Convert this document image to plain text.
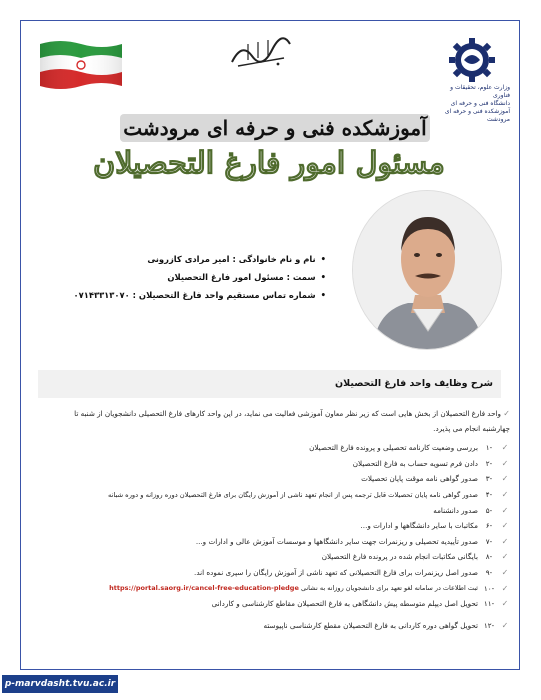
وزارت علوم، تحقیقات و فناوری
دانشگاه فنی و حرفه ای
آموزشکده فنی و حرفه ای مرودشت
آموزشکده فنی و حرفه ای مرودشت
مسئول امور فارغ التحصیلان
• نام و نام خانوادگی : امیر مرادی کازرونی
• سمت : مسئول امور فارغ التحصیلان
• شماره تماس مستقیم واحد فارغ التحصیلان : ۰۷۱۴۳۳۱۳۰۷۰
شرح وظایف واحد فارغ التحصیلان
✓ واحد فارغ التحصیلان از بخش هایی است که زیر نظر معاون آموزشی فعالیت می نماید، در این واحد کارهای فارغ التحصیلی دانشجویان از شنبه تا چهارشنبه انجام می پذیرد.
✓
-۱
بررسی وضعیت کارنامه تحصیلی و پرونده فارغ التحصیلان
✓
-۲
دادن فرم تسویه حساب به فارغ التحصیلان
✓
-۳
صدور گواهی نامه موقت پایان تحصیلات
✓
-۴
صدور گواهی نامه پایان تحصیلات قابل ترجمه پس از انجام تعهد ناشی از آموزش رایگان برای فارغ التحصیلان دوره روزانه و دوره شبانه
✓
-۵
صدور دانشنامه
✓
-۶
مکاتبات با سایر دانشگاهها و ادارات و...
✓
-۷
صدور تأییدیه تحصیلی و ریزنمرات جهت سایر دانشگاهها و موسسات آموزش عالی و ادارات و...
✓
-۸
بایگانی مکاتبات انجام شده در پرونده فارغ التحصیلان
✓
-۹
صدور اصل ریزنمرات برای فارغ التحصیلانی که تعهد ناشی از آموزش رایگان را سپری نموده اند.
✓
-۱۰
ثبت اطلاعات در سامانه لغو تعهد برای دانشجویان روزانه به نشانی https://portal.saorg.ir/cancel-free-education-pledge
✓
-۱۱
تحویل اصل دیپلم متوسطه پیش دانشگاهی به فارغ التحصیلان مقاطع کارشناسی و کاردانی
✓
-۱۲
تحویل گواهی دوره کاردانی به فارغ التحصیلان مقطع کارشناسی ناپیوسته
p-marvdasht.tvu.ac.ir
